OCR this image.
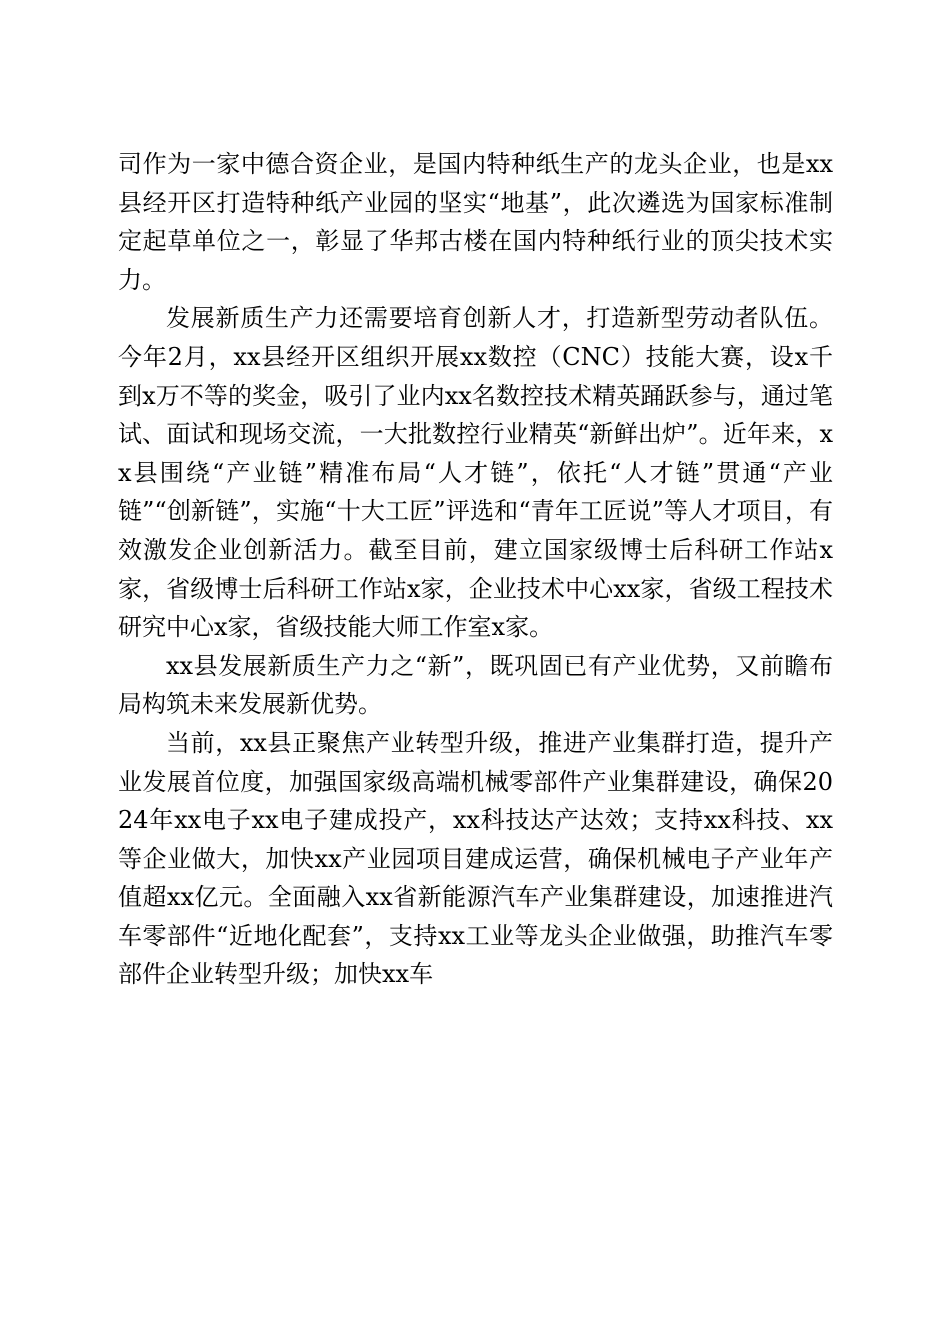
司作为一家中德合资企业，是国内特种纸生产的龙头企业，也是xx县经开区打造特种纸产业园的坚实“地基”，此次遴选为国家标准制定起草单位之一，彰显了华邦古楼在国内特种纸行业的顶尖技术实力。

发展新质生产力还需要培育创新人才，打造新型劳动者队伍。今年2月，xx县经开区组织开展xx数控（CNC）技能大赛，设x千到x万不等的奖金，吸引了业内xx名数控技术精英踊跃参与，通过笔试、面试和现场交流，一大批数控行业精英“新鲜出炉”。近年来，xx县围绕“产业链”精准布局“人才链”，依托“人才链”贯通“产业链”“创新链”，实施“十大工匠”评选和“青年工匠说”等人才项目，有效激发企业创新活力。截至目前，建立国家级博士后科研工作站x家，省级博士后科研工作站x家，企业技术中心xx家，省级工程技术研究中心x家，省级技能大师工作室x家。

xx县发展新质生产力之“新”，既巩固已有产业优势，又前瞻布局构筑未来发展新优势。

当前，xx县正聚焦产业转型升级，推进产业集群打造，提升产业发展首位度，加强国家级高端机械零部件产业集群建设，确保2024年xx电子xx电子建成投产，xx科技达产达效；支持xx科技、xx等企业做大，加快xx产业园项目建成运营，确保机械电子产业年产值超xx亿元。全面融入xx省新能源汽车产业集群建设，加速推进汽车零部件“近地化配套”，支持xx工业等龙头企业做强，助推汽车零部件企业转型升级；加快xx车
